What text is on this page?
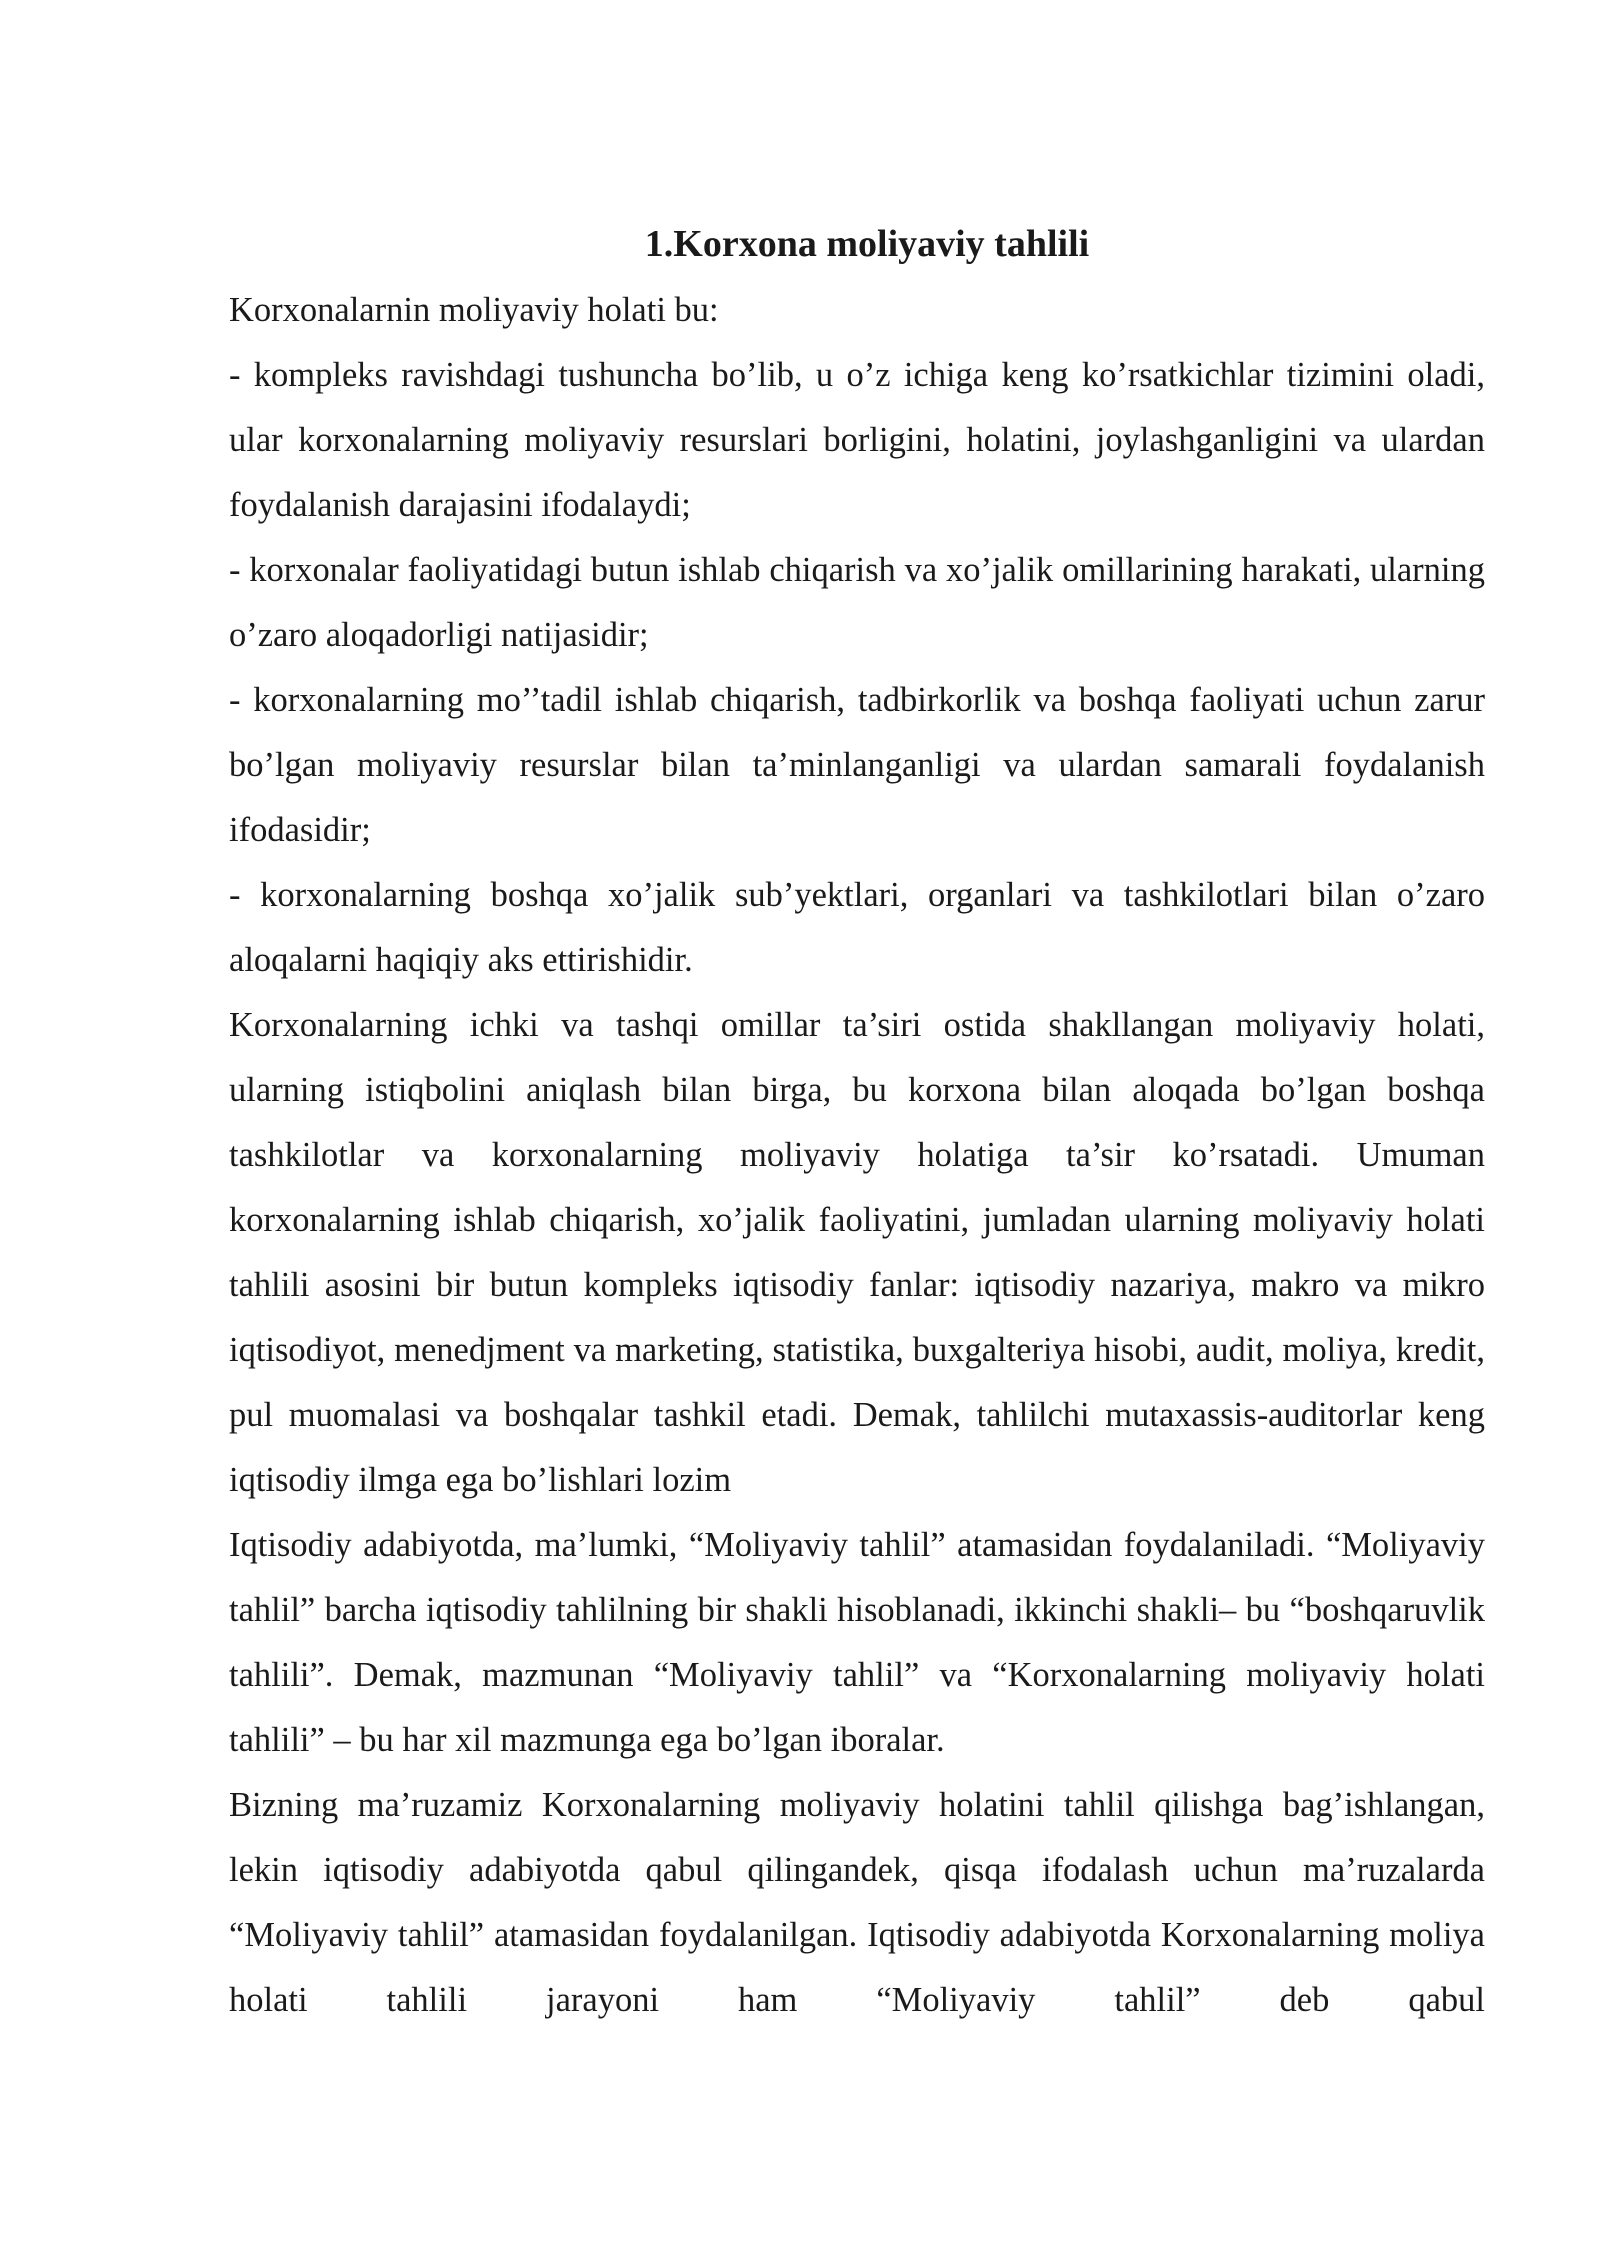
1.Korxona moliyaviy tahlili

Korxonalarnin moliyaviy holati bu:

- kompleks ravishdagi tushuncha bo’lib, u o’z ichiga keng ko’rsatkichlar tizimini oladi, ular korxonalarning moliyaviy resurslari borligini, holatini, joylashganligini va ulardan foydalanish darajasini ifodalaydi;

- korxonalar faoliyatidagi butun ishlab chiqarish va xo’jalik omillarining harakati, ularning o’zaro aloqadorligi natijasidir;

- korxonalarning mo’’tadil ishlab chiqarish, tadbirkorlik va boshqa faoliyati uchun zarur bo’lgan moliyaviy resurslar bilan ta’minlanganligi va ulardan samarali foydalanish ifodasidir;

- korxonalarning boshqa xo’jalik sub’yektlari, organlari va tashkilotlari bilan o’zaro aloqalarni haqiqiy aks ettirishidir.

Korxonalarning ichki va tashqi omillar ta’siri ostida shakllangan moliyaviy holati, ularning istiqbolini aniqlash bilan birga, bu korxona bilan aloqada bo’lgan boshqa tashkilotlar va korxonalarning moliyaviy holatiga ta’sir ko’rsatadi. Umuman korxonalarning ishlab chiqarish, xo’jalik faoliyatini, jumladan ularning moliyaviy holati tahlili asosini bir butun kompleks iqtisodiy fanlar: iqtisodiy nazariya, makro va mikro iqtisodiyot, menedjment va marketing, statistika, buxgalteriya hisobi, audit, moliya, kredit, pul muomalasi va boshqalar tashkil etadi. Demak, tahlilchi mutaxassis-auditorlar keng iqtisodiy ilmga ega bo’lishlari lozim

Iqtisodiy adabiyotda, ma’lumki, “Moliyaviy tahlil” atamasidan foydalaniladi. “Moliyaviy tahlil” barcha iqtisodiy tahlilning bir shakli hisoblanadi, ikkinchi shakli– bu “boshqaruvlik tahlili”. Demak, mazmunan “Moliyaviy tahlil” va “Korxonalarning moliyaviy holati tahlili” – bu har xil mazmunga ega bo’lgan iboralar.

Bizning ma’ruzamiz Korxonalarning moliyaviy holatini tahlil qilishga bag’ishlangan, lekin iqtisodiy adabiyotda qabul qilingandek, qisqa ifodalash uchun ma’ruzalarda “Moliyaviy tahlil” atamasidan foydalanilgan. Iqtisodiy adabiyotda Korxonalarning moliya holati tahlili jarayoni ham “Moliyaviy tahlil” deb qabul
